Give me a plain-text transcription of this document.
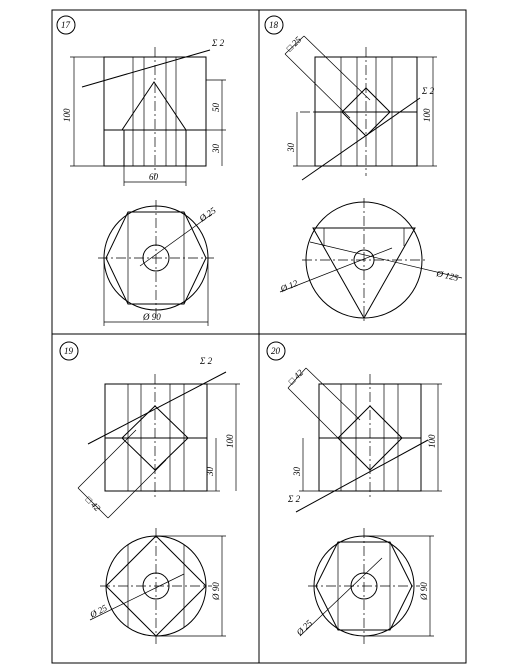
17
Σ 2
100
50
30
60
Ø 25
Ø 90
18
Σ 2
□ 25
30
100
Ø 125
Ø 12
19
Σ 2
□ 42
30
100
Ø 25
Ø 90
20
Σ 2
□ 42
30
100
Ø 25
Ø 90
